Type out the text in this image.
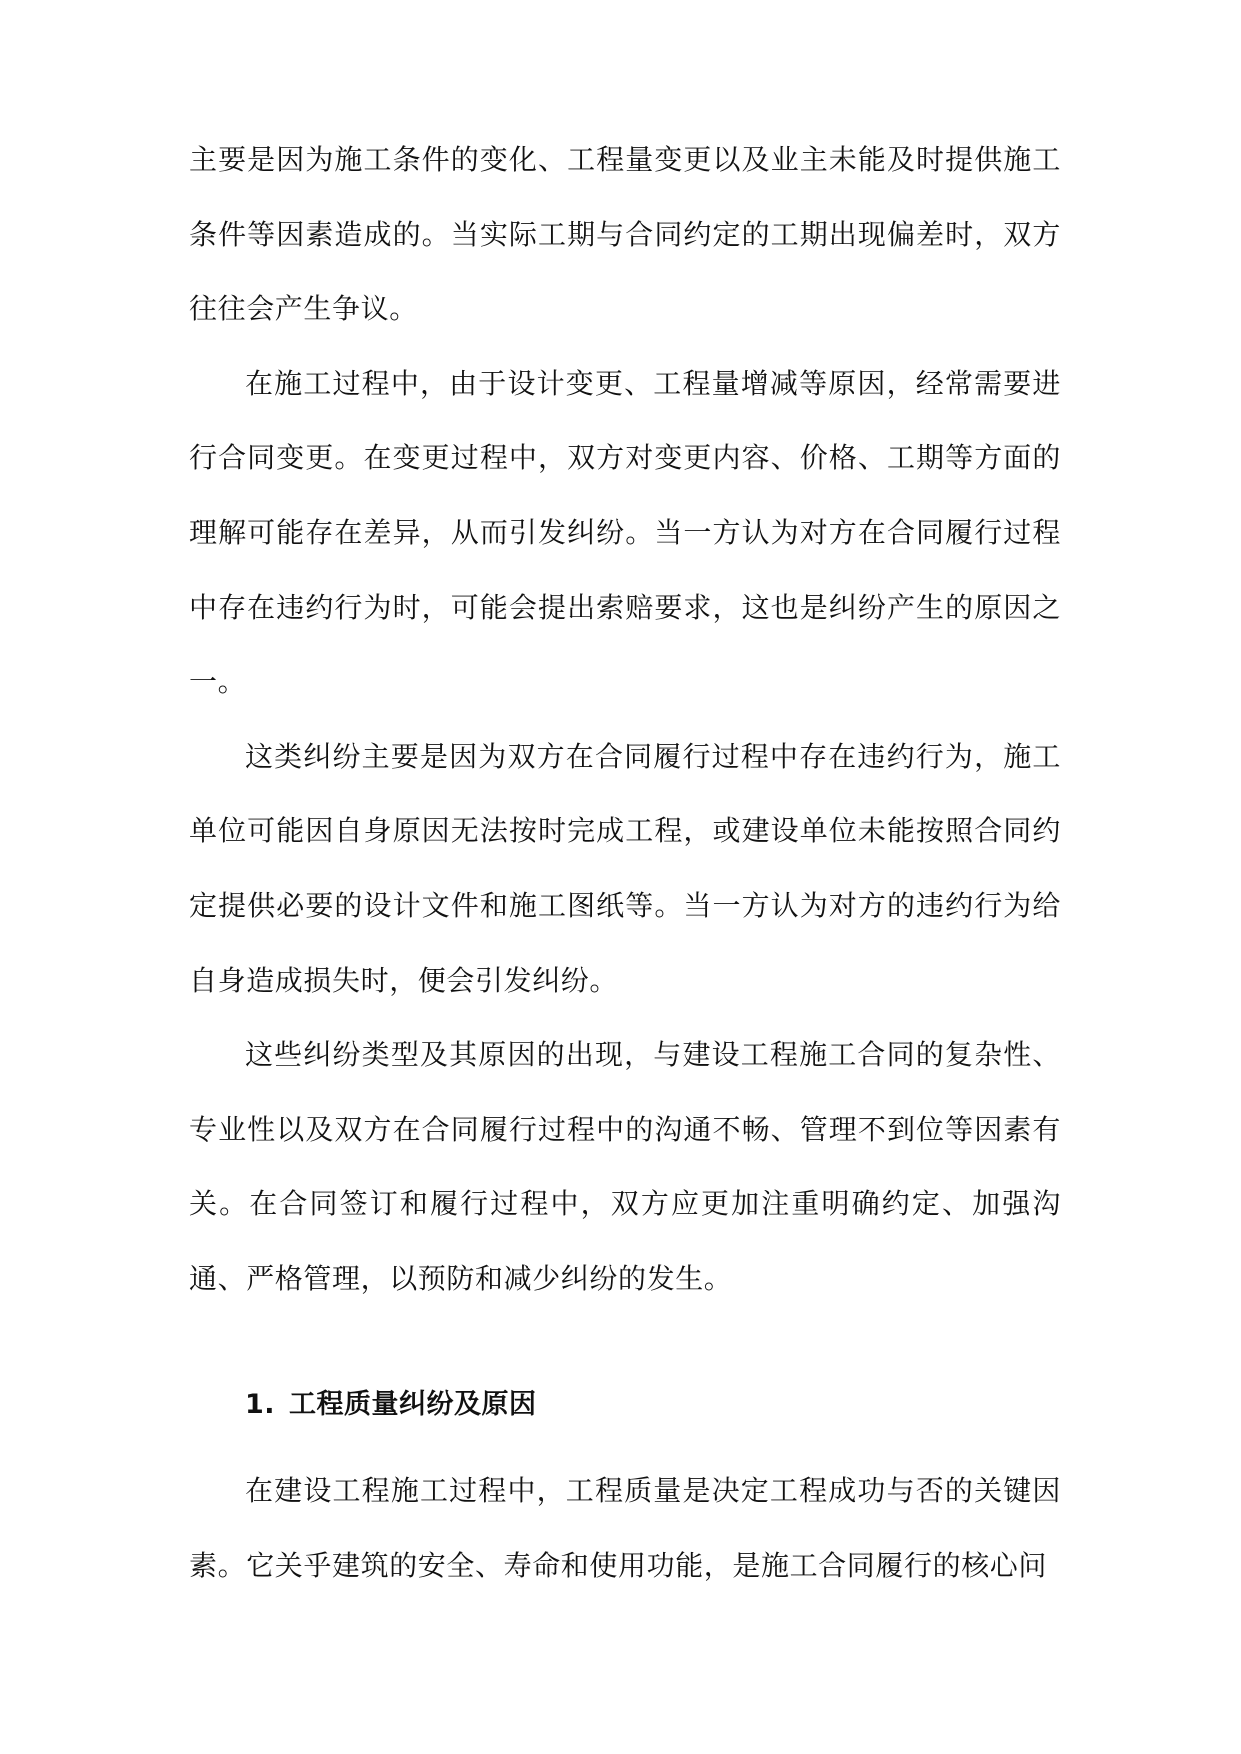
主要是因为施工条件的变化、工程量变更以及业主未能及时提供施工条件等因素造成的。当实际工期与合同约定的工期出现偏差时，双方往往会产生争议。

在施工过程中，由于设计变更、工程量增减等原因，经常需要进行合同变更。在变更过程中，双方对变更内容、价格、工期等方面的理解可能存在差异，从而引发纠纷。当一方认为对方在合同履行过程中存在违约行为时，可能会提出索赔要求，这也是纠纷产生的原因之一。

这类纠纷主要是因为双方在合同履行过程中存在违约行为，施工单位可能因自身原因无法按时完成工程，或建设单位未能按照合同约定提供必要的设计文件和施工图纸等。当一方认为对方的违约行为给自身造成损失时，便会引发纠纷。

这些纠纷类型及其原因的出现，与建设工程施工合同的复杂性、专业性以及双方在合同履行过程中的沟通不畅、管理不到位等因素有关。在合同签订和履行过程中，双方应更加注重明确约定、加强沟通、严格管理，以预防和减少纠纷的发生。

1. 工程质量纠纷及原因

在建设工程施工过程中，工程质量是决定工程成功与否的关键因素。它关乎建筑的安全、寿命和使用功能，是施工合同履行的核心问
